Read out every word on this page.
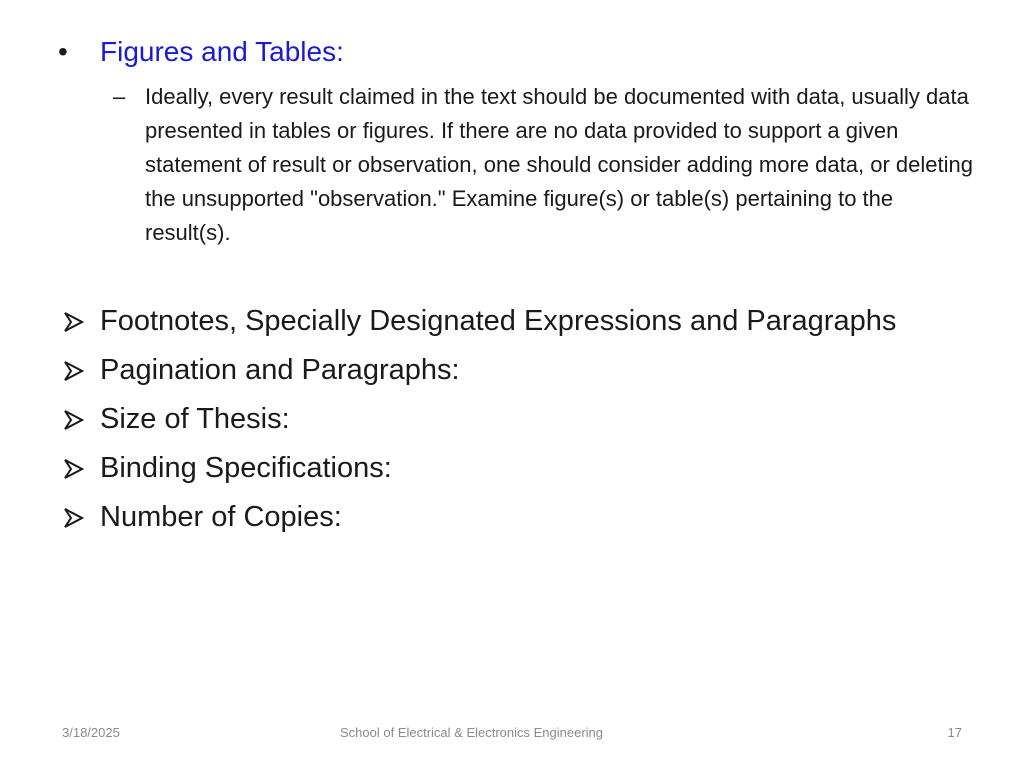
•	Figures and Tables:
– Ideally, every result claimed in the text should be documented with data, usually data presented in tables or figures. If there are no data provided to support a given statement of result or observation, one should consider adding more data, or deleting the unsupported "observation." Examine figure(s) or table(s) pertaining to the result(s).
Footnotes, Specially Designated Expressions and Paragraphs
Pagination and Paragraphs:
Size of Thesis:
Binding Specifications:
Number of Copies:
3/18/2025	School of Electrical & Electronics Engineering	17
